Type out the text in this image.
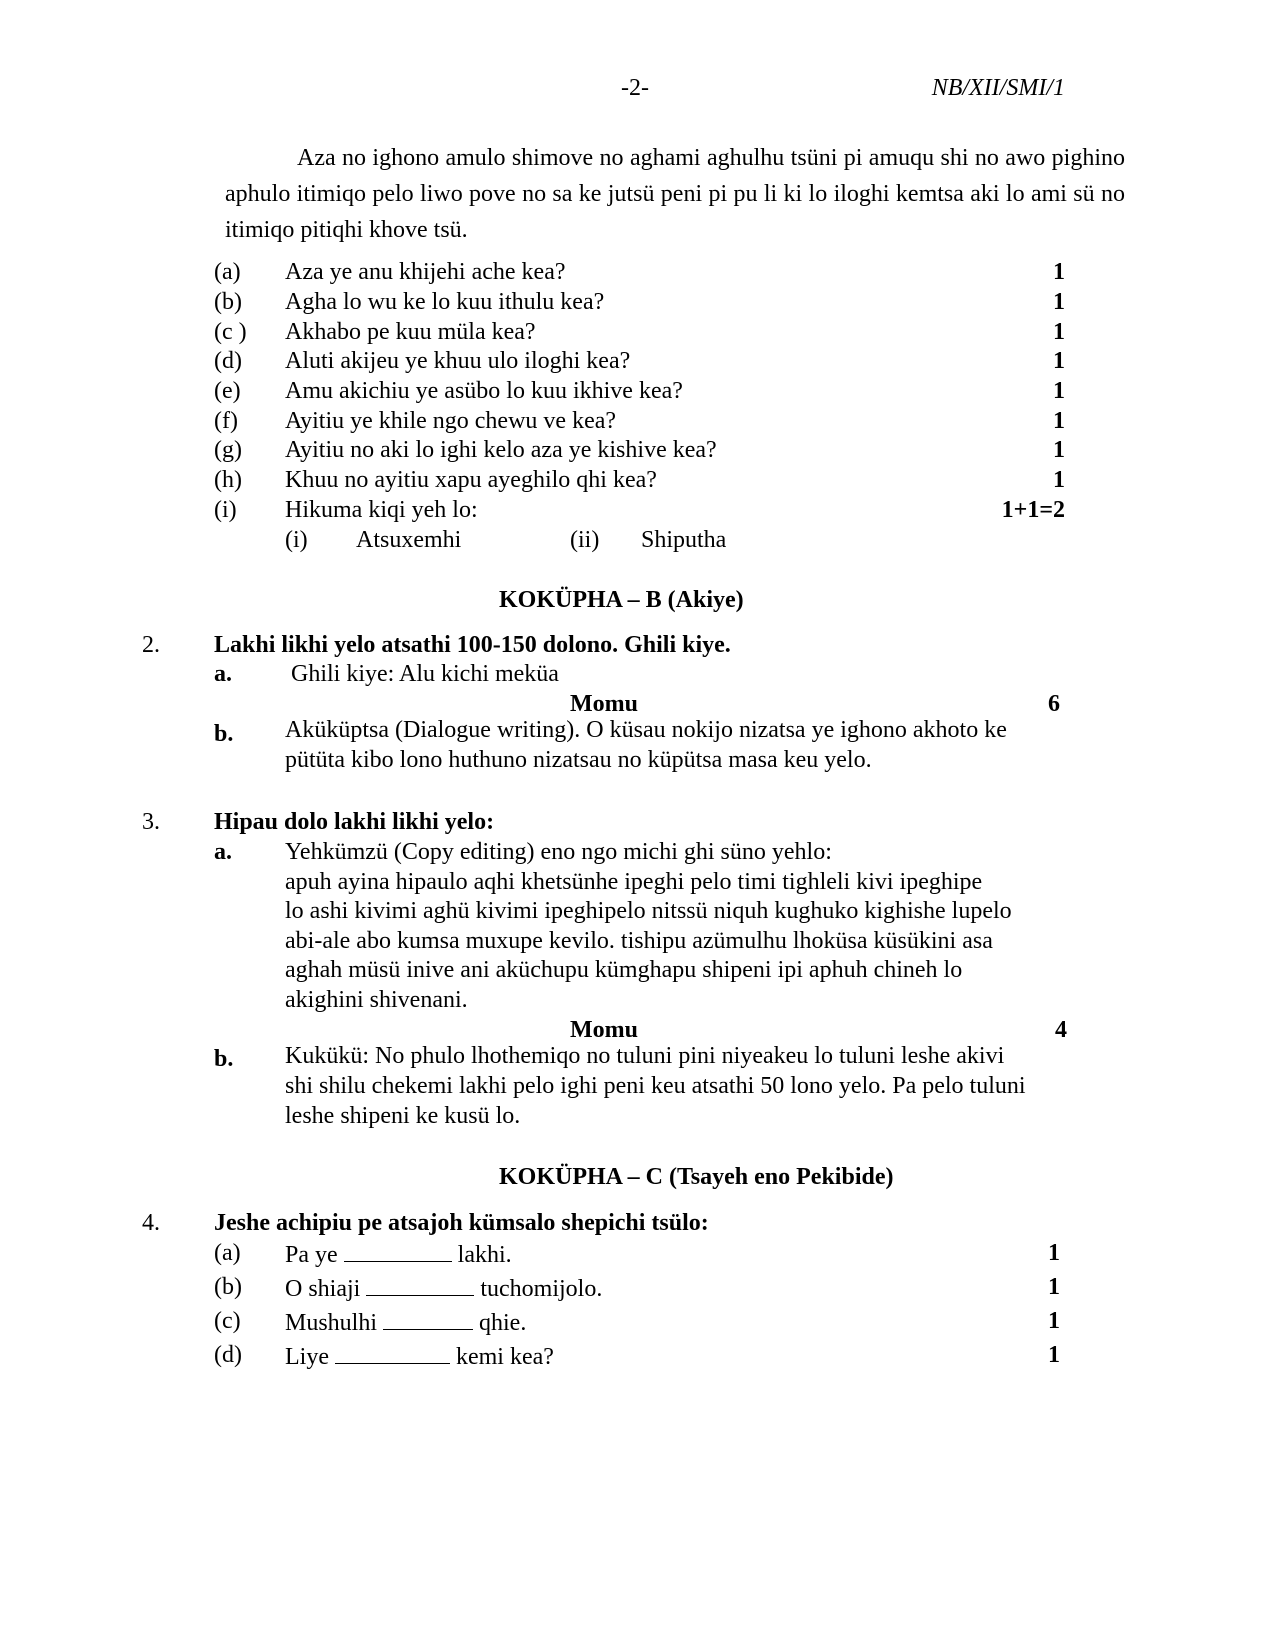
-2-	NB/XII/SMI/1
Aza no ighono amulo shimove no aghami aghulhu tsüni pi amuqu shi no awo pighino aphulo itimiqo pelo liwo pove no sa ke jutsü peni pi pu li ki lo iloghi kemtsa aki lo ami sü no itimiqo pitiqhi khove tsü.
(a) Aza ye anu khijehi ache kea?	1
(b) Agha lo wu ke lo kuu ithulu kea?	1
(c ) Akhabo pe kuu müla kea?	1
(d) Aluti akijeu ye khuu ulo iloghi kea?	1
(e) Amu akichiu ye asübo lo kuu ikhive kea?	1
(f) Ayitiu ye khile ngo chewu ve kea?	1
(g) Ayitiu no aki lo ighi kelo aza ye kishive kea?	1
(h) Khuu no ayitiu xapu ayeghilo qhi kea?	1
(i) Hikuma kiqi yeh lo:	1+1=2
(i) Atsuxemhi	(ii) Shiputha
KOKÜPHA – B (Akiye)
2. Lakhi likhi yelo atsathi 100-150 dolono. Ghili kiye.
a. Ghili kiye: Alu kichi meküa
Momu	6
b. Aküküptsa (Dialogue writing). O küsau nokijo nizatsa ye ighono akhoto ke pütüta kibo lono huthuno nizatsau no küpütsa masa keu yelo.
3. Hipau dolo lakhi likhi yelo:
a. Yehkümzü (Copy editing) eno ngo michi ghi süno yehlo:
apuh ayina hipaulo aqhi khetsünhe ipeghi pelo timi tighleli kivi ipeghipe
lo ashi kivimi aghü kivimi ipeghipelo nitssü niquh kughuko kighishe lupelo
abi-ale abo kumsa muxupe kevilo. tishipu azümulhu lhoküsa küsükini asa
aghah müsü inive ani aküchupu kümghapu shipeni ipi aphuh chineh lo
akighini shivenani.
Momu	4
b. Kukükü: No phulo lhothemiqo no tuluni pini niyeakeu lo tuluni leshe akivi shi shilu chekemi lakhi pelo ighi peni keu atsathi 50 lono yelo. Pa pelo tuluni leshe shipeni ke kusü lo.
KOKÜPHA – C (Tsayeh eno Pekibide)
4. Jeshe achipiu pe atsajoh kümsalo shepichi tsülo:
(a) Pa ye	lakhi.	1
(b) O shiaji	tuchomijolo.	1
(c) Mushulhi	qhie.	1
(d) Liye	kemi kea?	1
